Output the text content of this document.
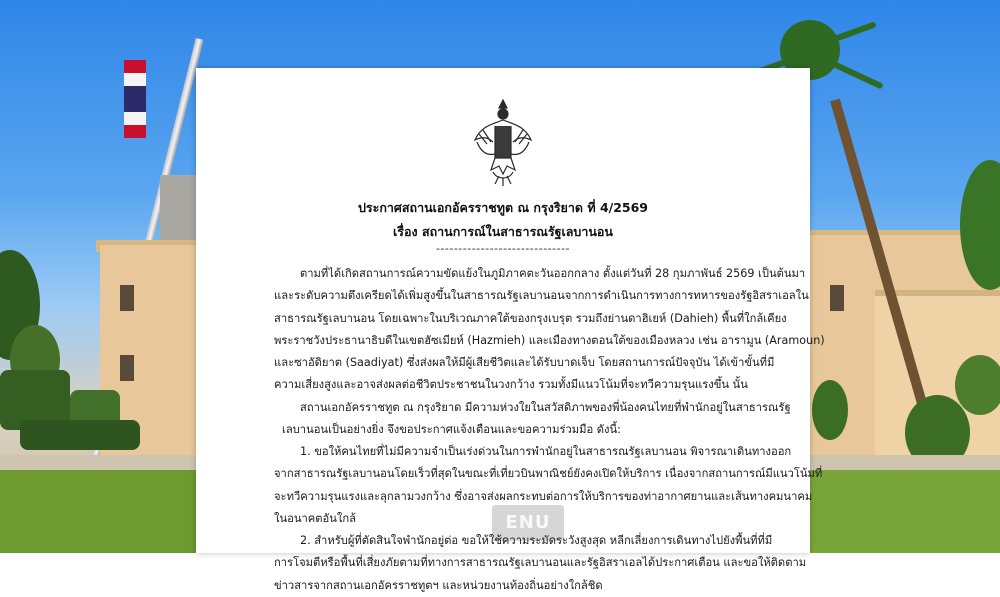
ประกาศสถานเอกอัครราชทูต ณ กรุงริยาด ที่ 4/2569
เรื่อง สถานการณ์ในสาธารณรัฐเลบานอน
------------------------------
ตามที่ได้เกิดสถานการณ์ความขัดแย้งในภูมิภาคตะวันออกกลาง ตั้งแต่วันที่ 28 กุมภาพันธ์ 2569 เป็นต้นมา
และระดับความตึงเครียดได้เพิ่มสูงขึ้นในสาธารณรัฐเลบานอนจากการดำเนินการทางการทหารของรัฐอิสราเอลใน
สาธารณรัฐเลบานอน โดยเฉพาะในบริเวณภาคใต้ของกรุงเบรุต รวมถึงย่านดาฮิเยห์ (Dahieh) พื้นที่ใกล้เคียง
พระราชวังประธานาธิบดีในเขตฮัซเมียห์ (Hazmieh) และเมืองทางตอนใต้ของเมืองหลวง เช่น อารามูน (Aramoun)
และซาอัดิยาต (Saadiyat) ซึ่งส่งผลให้มีผู้เสียชีวิตและได้รับบาดเจ็บ โดยสถานการณ์ปัจจุบัน ได้เข้าขั้นที่มี
ความเสี่ยงสูงและอาจส่งผลต่อชีวิตประชาชนในวงกว้าง รวมทั้งมีแนวโน้มที่จะทวีความรุนแรงขึ้น นั้น
สถานเอกอัครราชทูต ณ กรุงริยาด มีความห่วงใยในสวัสดิภาพของพี่น้องคนไทยที่พำนักอยู่ในสาธารณรัฐ
เลบานอนเป็นอย่างยิ่ง จึงขอประกาศแจ้งเตือนและขอความร่วมมือ ดังนี้:
1. ขอให้คนไทยที่ไม่มีความจำเป็นเร่งด่วนในการพำนักอยู่ในสาธารณรัฐเลบานอน พิจารณาเดินทางออก
จากสาธารณรัฐเลบานอนโดยเร็วที่สุดในขณะที่เที่ยวบินพาณิชย์ยังคงเปิดให้บริการ เนื่องจากสถานการณ์มีแนวโน้มที่
จะทวีความรุนแรงและลุกลามวงกว้าง ซึ่งอาจส่งผลกระทบต่อการให้บริการของท่าอากาศยานและเส้นทางคมนาคม
ในอนาคตอันใกล้
2. สำหรับผู้ที่ตัดสินใจพำนักอยู่ต่อ ขอให้ใช้ความระมัดระวังสูงสุด หลีกเลี่ยงการเดินทางไปยังพื้นที่ที่มี
การโจมตีหรือพื้นที่เสี่ยงภัยตามที่ทางการสาธารณรัฐเลบานอนและรัฐอิสราเอลได้ประกาศเตือน และขอให้ติดตาม
ข่าวสารจากสถานเอกอัครราชทูตฯ และหน่วยงานท้องถิ่นอย่างใกล้ชิด
ENU
